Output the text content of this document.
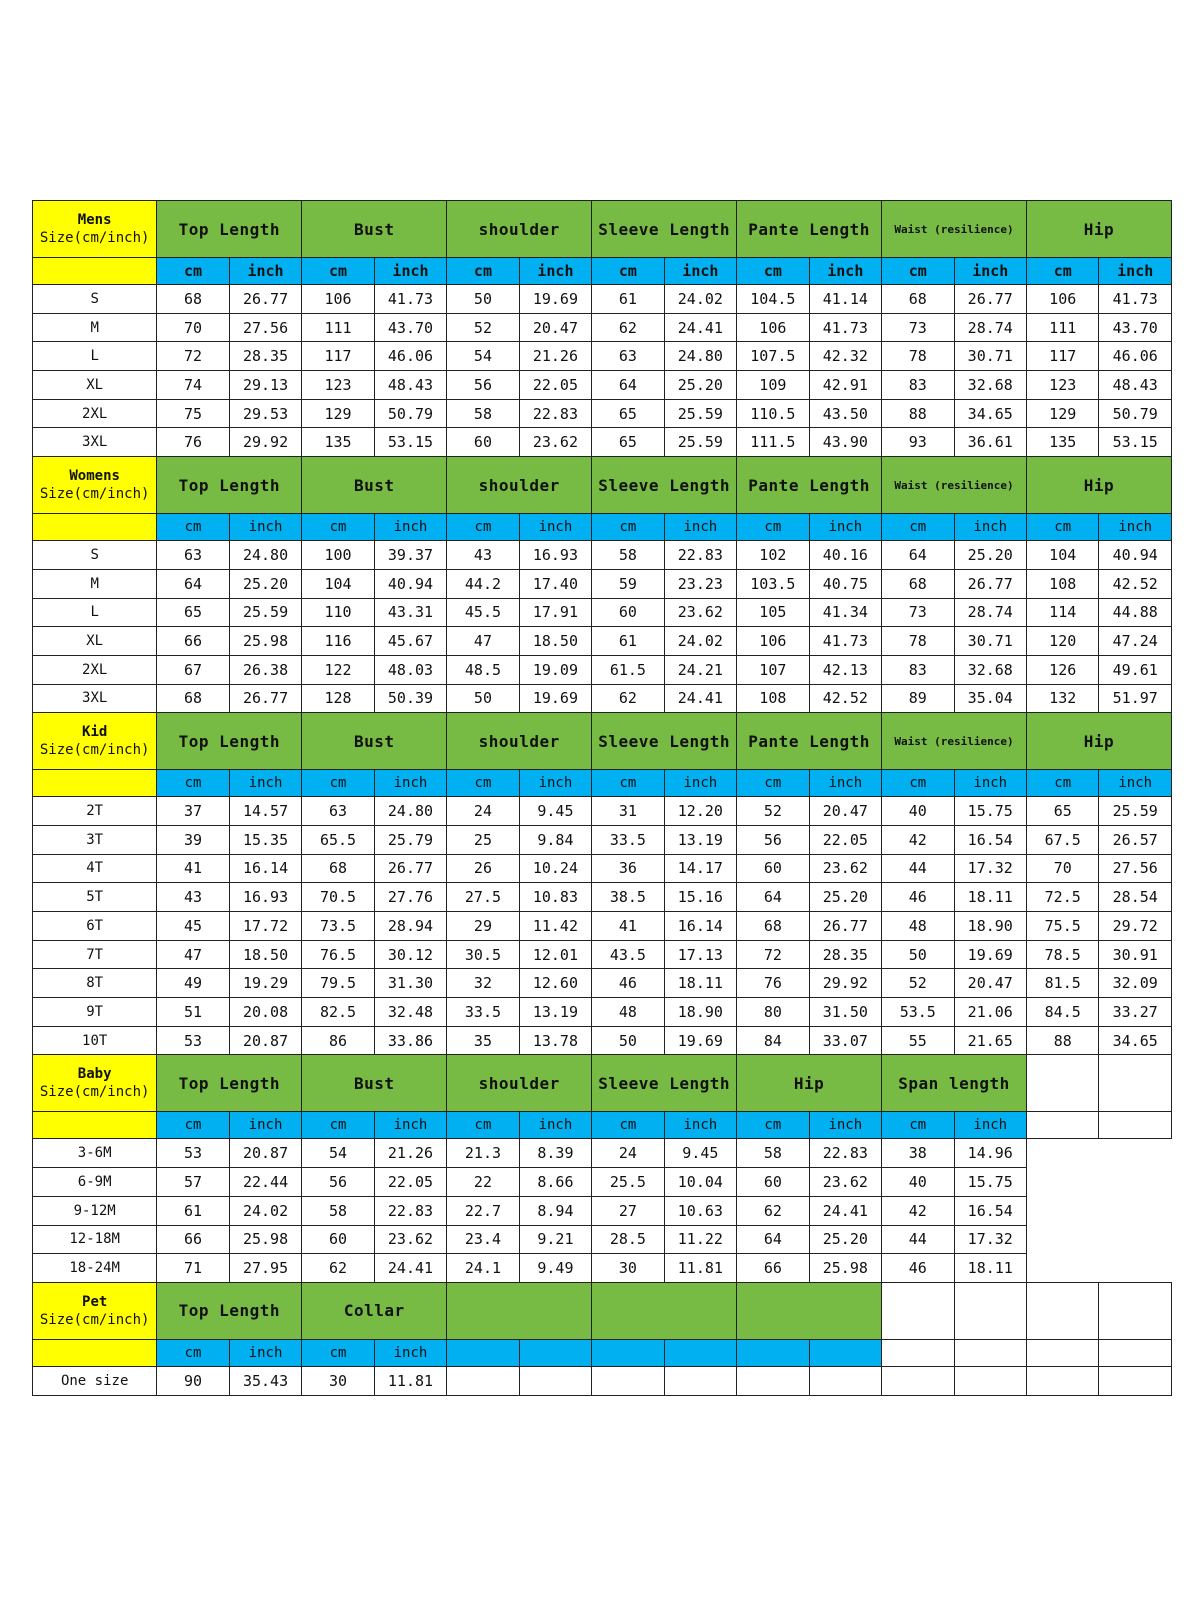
Mens
Size(cm/inch)	Top Length		Bust		shoulder		Sleeve Length		Pante Length		Waist (resilience)		Hip	
	cm	inch	cm	inch	cm	inch	cm	inch	cm	inch	cm	inch	cm	inch
S	68	26.77	106	41.73	50	19.69	61	24.02	104.5	41.14	68	26.77	106	41.73
M	70	27.56	111	43.70	52	20.47	62	24.41	106	41.73	73	28.74	111	43.70
L	72	28.35	117	46.06	54	21.26	63	24.80	107.5	42.32	78	30.71	117	46.06
XL	74	29.13	123	48.43	56	22.05	64	25.20	109	42.91	83	32.68	123	48.43
2XL	75	29.53	129	50.79	58	22.83	65	25.59	110.5	43.50	88	34.65	129	50.79
3XL	76	29.92	135	53.15	60	23.62	65	25.59	111.5	43.90	93	36.61	135	53.15

Womens
Size(cm/inch)	Top Length		Bust		shoulder		Sleeve Length		Pante Length		Waist (resilience)		Hip	
	cm	inch	cm	inch	cm	inch	cm	inch	cm	inch	cm	inch	cm	inch
S	63	24.80	100	39.37	43	16.93	58	22.83	102	40.16	64	25.20	104	40.94
M	64	25.20	104	40.94	44.2	17.40	59	23.23	103.5	40.75	68	26.77	108	42.52
L	65	25.59	110	43.31	45.5	17.91	60	23.62	105	41.34	73	28.74	114	44.88
XL	66	25.98	116	45.67	47	18.50	61	24.02	106	41.73	78	30.71	120	47.24
2XL	67	26.38	122	48.03	48.5	19.09	61.5	24.21	107	42.13	83	32.68	126	49.61
3XL	68	26.77	128	50.39	50	19.69	62	24.41	108	42.52	89	35.04	132	51.97

Kid
Size(cm/inch)	Top Length		Bust		shoulder		Sleeve Length		Pante Length		Waist (resilience)		Hip	
	cm	inch	cm	inch	cm	inch	cm	inch	cm	inch	cm	inch	cm	inch
2T	37	14.57	63	24.80	24	9.45	31	12.20	52	20.47	40	15.75	65	25.59
3T	39	15.35	65.5	25.79	25	9.84	33.5	13.19	56	22.05	42	16.54	67.5	26.57
4T	41	16.14	68	26.77	26	10.24	36	14.17	60	23.62	44	17.32	70	27.56
5T	43	16.93	70.5	27.76	27.5	10.83	38.5	15.16	64	25.20	46	18.11	72.5	28.54
6T	45	17.72	73.5	28.94	29	11.42	41	16.14	68	26.77	48	18.90	75.5	29.72
7T	47	18.50	76.5	30.12	30.5	12.01	43.5	17.13	72	28.35	50	19.69	78.5	30.91
8T	49	19.29	79.5	31.30	32	12.60	46	18.11	76	29.92	52	20.47	81.5	32.09
9T	51	20.08	82.5	32.48	33.5	13.19	48	18.90	80	31.50	53.5	21.06	84.5	33.27
10T	53	20.87	86	33.86	35	13.78	50	19.69	84	33.07	55	21.65	88	34.65

Baby
Size(cm/inch)	Top Length		Bust		shoulder		Sleeve Length		Hip		Span length			
	cm	inch	cm	inch	cm	inch	cm	inch	cm	inch	cm	inch		
3-6M	53	20.87	54	21.26	21.3	8.39	24	9.45	58	22.83	38	14.96		
6-9M	57	22.44	56	22.05	22	8.66	25.5	10.04	60	23.62	40	15.75		
9-12M	61	24.02	58	22.83	22.7	8.94	27	10.63	62	24.41	42	16.54		
12-18M	66	25.98	60	23.62	23.4	9.21	28.5	11.22	64	25.20	44	17.32		
18-24M	71	27.95	62	24.41	24.1	9.49	30	11.81	66	25.98	46	18.11		

Pet
Size(cm/inch)	Top Length		Collar											
	cm	inch	cm	inch										
One size	90	35.43	30	11.81										
